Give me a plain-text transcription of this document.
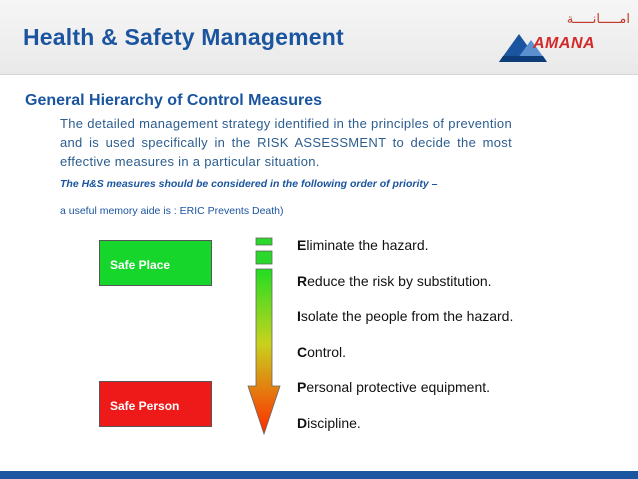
Health & Safety Management
امـــــانـــــة
AMANA
General Hierarchy of Control Measures
The detailed management strategy identified in the principles of prevention and is used specifically in the RISK ASSESSMENT to decide the most effective measures in a particular situation.
The H&S measures should be considered in the following order of priority –
a useful memory aide is : ERIC Prevents Death)
Safe Place
Safe Person
Eliminate the hazard.
Reduce the risk by substitution.
Isolate the people from the hazard.
Control.
Personal protective equipment.
Discipline.
